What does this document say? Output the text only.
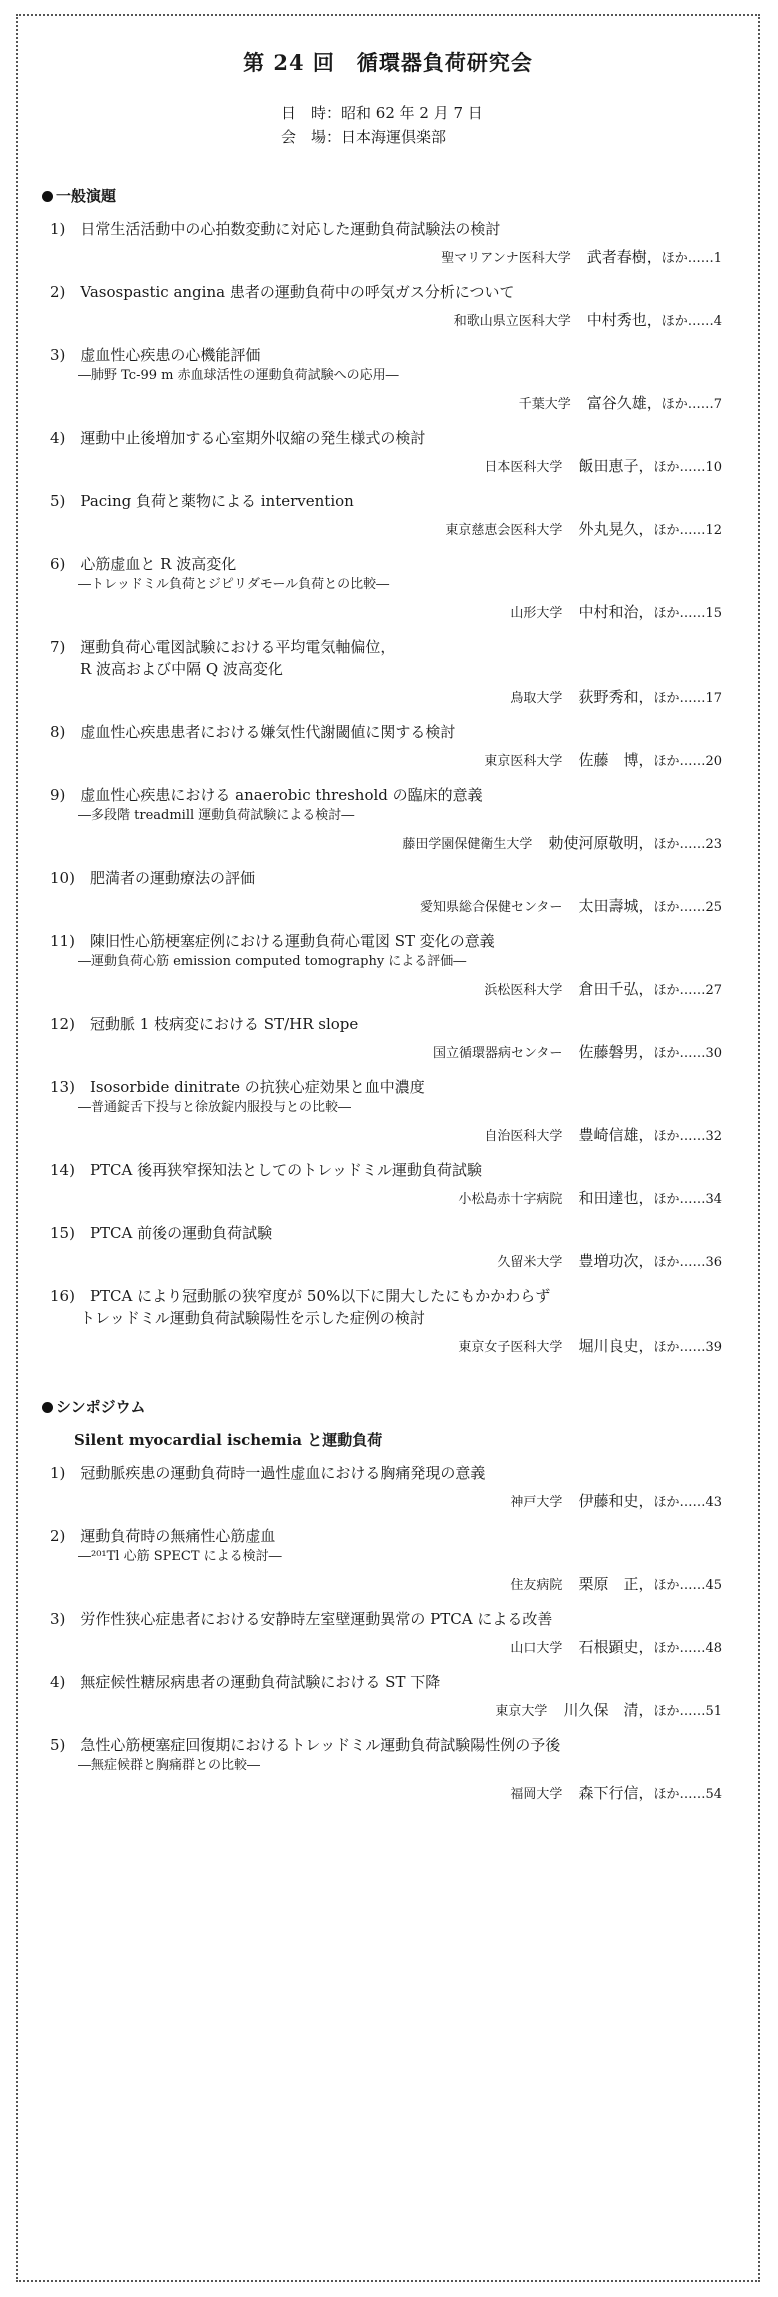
第 24 回　循環器負荷研究会
日　時：昭和 62 年 2 月 7 日
会　場：日本海運倶楽部
一般演題
1)　日常生活活動中の心拍数変動に対応した運動負荷試験法の検討
聖マリアンナ医科大学 武者春樹，ほか……1
2)　Vasospastic angina 患者の運動負荷中の呼気ガス分析について
和歌山県立医科大学 中村秀也，ほか……4
3)　虚血性心疾患の心機能評価
―肺野 Tc-99 m 赤血球活性の運動負荷試験への応用―
千葉大学 富谷久雄，ほか……7
4)　運動中止後増加する心室期外収縮の発生様式の検討
日本医科大学 飯田恵子，ほか……10
5)　Pacing 負荷と薬物による intervention
東京慈恵会医科大学 外丸晃久，ほか……12
6)　心筋虚血と R 波高変化
―トレッドミル負荷とジピリダモール負荷との比較―
山形大学 中村和治，ほか……15
7)　運動負荷心電図試験における平均電気軸偏位，
R 波高および中隔 Q 波高変化
鳥取大学 荻野秀和，ほか……17
8)　虚血性心疾患患者における嫌気性代謝閾値に関する検討
東京医科大学 佐藤　博，ほか……20
9)　虚血性心疾患における anaerobic threshold の臨床的意義
―多段階 treadmill 運動負荷試験による検討―
藤田学園保健衛生大学 勅使河原敬明，ほか……23
10)　肥満者の運動療法の評価
愛知県総合保健センター 太田壽城，ほか……25
11)　陳旧性心筋梗塞症例における運動負荷心電図 ST 変化の意義
―運動負荷心筋 emission computed tomography による評価―
浜松医科大学 倉田千弘，ほか……27
12)　冠動脈 1 枝病変における ST/HR slope
国立循環器病センター 佐藤磐男，ほか……30
13)　Isosorbide dinitrate の抗狭心症効果と血中濃度
―普通錠舌下投与と徐放錠内服投与との比較―
自治医科大学 豊崎信雄，ほか……32
14)　PTCA 後再狭窄探知法としてのトレッドミル運動負荷試験
小松島赤十字病院 和田達也，ほか……34
15)　PTCA 前後の運動負荷試験
久留米大学 豊増功次，ほか……36
16)　PTCA により冠動脈の狭窄度が 50%以下に開大したにもかかわらず
トレッドミル運動負荷試験陽性を示した症例の検討
東京女子医科大学 堀川良史，ほか……39
シンポジウム
Silent myocardial ischemia と運動負荷
1)　冠動脈疾患の運動負荷時一過性虚血における胸痛発現の意義
神戸大学 伊藤和史，ほか……43
2)　運動負荷時の無痛性心筋虚血
―²⁰¹Tl 心筋 SPECT による検討―
住友病院 栗原　正，ほか……45
3)　労作性狭心症患者における安静時左室壁運動異常の PTCA による改善
山口大学 石根顕史，ほか……48
4)　無症候性糖尿病患者の運動負荷試験における ST 下降
東京大学 川久保　清，ほか……51
5)　急性心筋梗塞症回復期におけるトレッドミル運動負荷試験陽性例の予後
―無症候群と胸痛群との比較―
福岡大学 森下行信，ほか……54
